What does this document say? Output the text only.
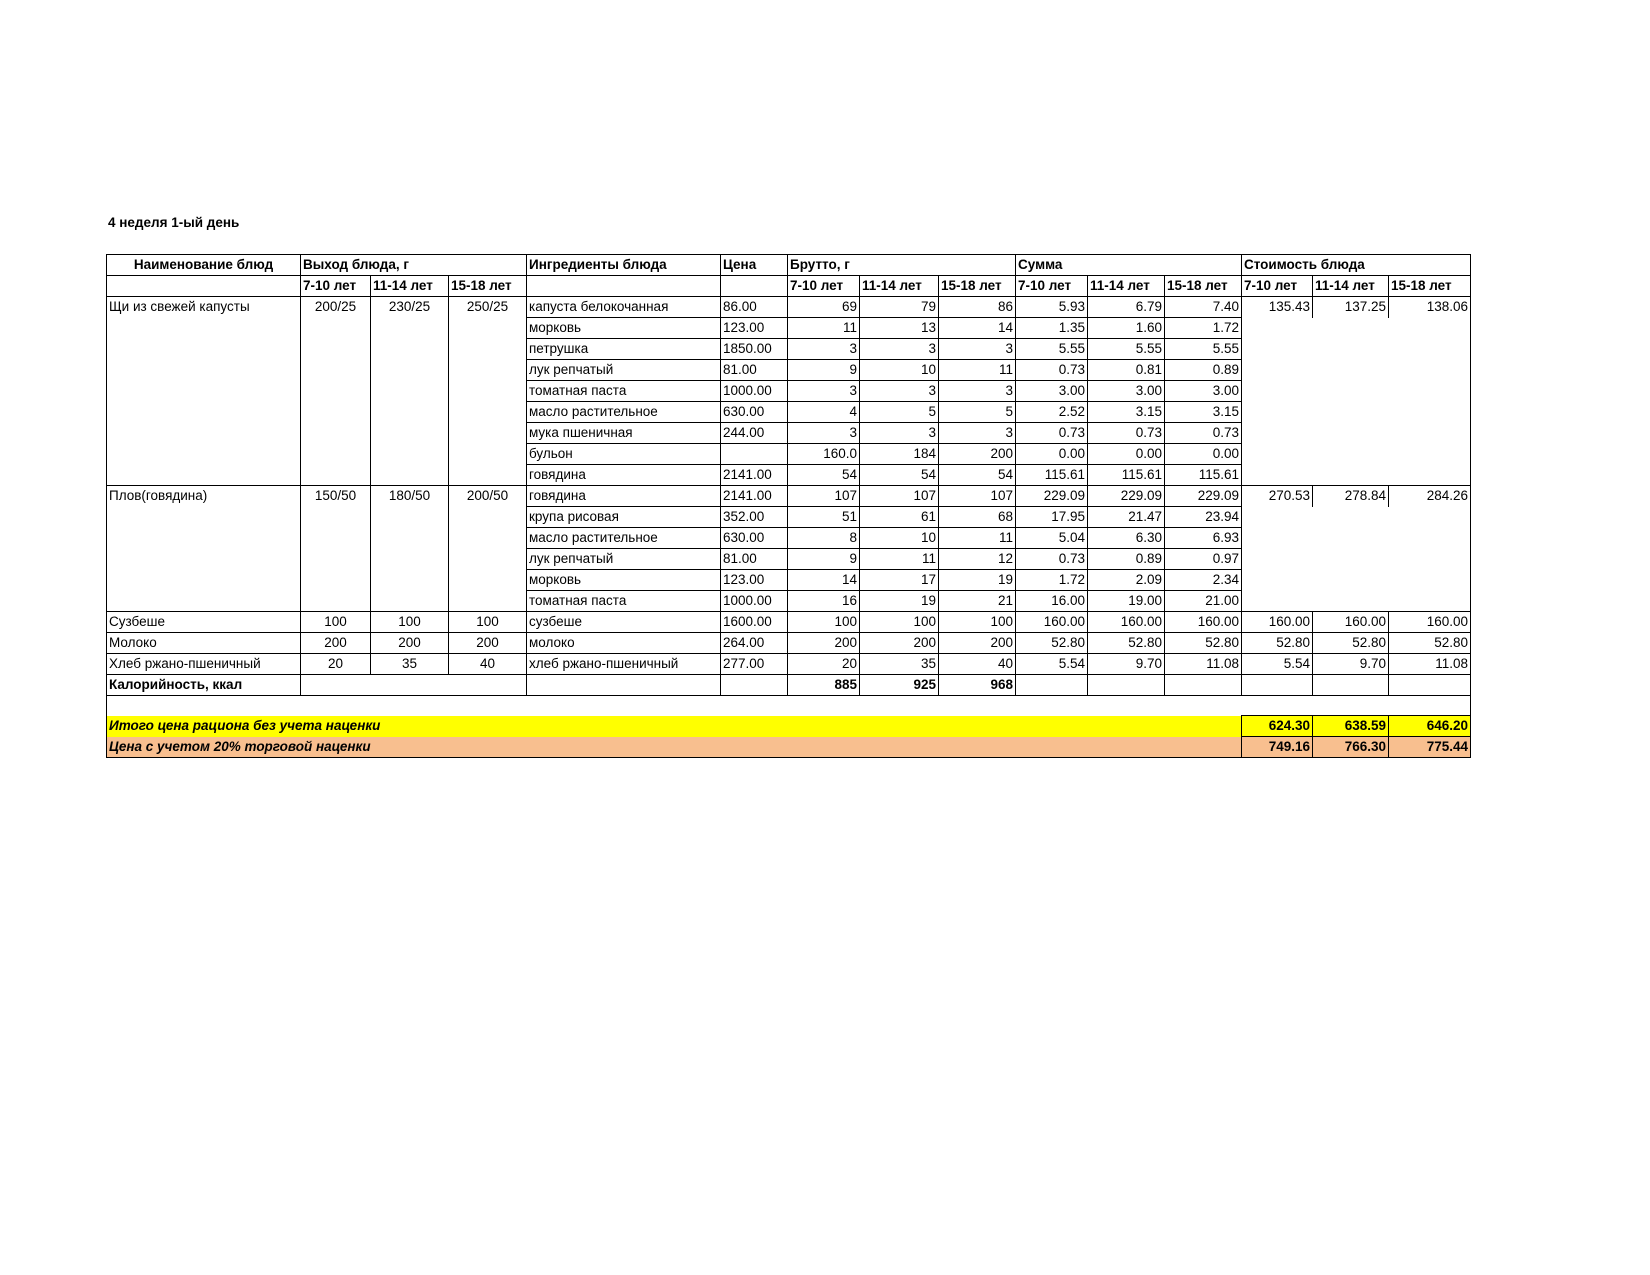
4 неделя 1-ый день
Наименование блюд	Выход блюда, г			Ингредиенты блюда	Цена	Брутто, г			Сумма			Стоимость блюда		
	7-10 лет	11-14 лет	15-18 лет			7-10 лет	11-14 лет	15-18 лет	7-10 лет	11-14 лет	15-18 лет	7-10 лет	11-14 лет	15-18 лет
Щи из свежей капусты	200/25	230/25	250/25	капуста белокочанная	86.00	69	79	86	5.93	6.79	7.40	135.43	137.25	138.06
				морковь	123.00	11	13	14	1.35	1.60	1.72			
				петрушка	1850.00	3	3	3	5.55	5.55	5.55			
				лук репчатый	81.00	9	10	11	0.73	0.81	0.89			
				томатная паста	1000.00	3	3	3	3.00	3.00	3.00			
				масло растительное	630.00	4	5	5	2.52	3.15	3.15			
				мука пшеничная	244.00	3	3	3	0.73	0.73	0.73			
				бульон		160.0	184	200	0.00	0.00	0.00			
				говядина	2141.00	54	54	54	115.61	115.61	115.61			
Плов(говядина)	150/50	180/50	200/50	говядина	2141.00	107	107	107	229.09	229.09	229.09	270.53	278.84	284.26
				крупа рисовая	352.00	51	61	68	17.95	21.47	23.94			
				масло растительное	630.00	8	10	11	5.04	6.30	6.93			
				лук репчатый	81.00	9	11	12	0.73	0.89	0.97			
				морковь	123.00	14	17	19	1.72	2.09	2.34			
				томатная паста	1000.00	16	19	21	16.00	19.00	21.00			
Сузбеше	100	100	100	сузбеше	1600.00	100	100	100	160.00	160.00	160.00	160.00	160.00	160.00
Молоко	200	200	200	молоко	264.00	200	200	200	52.80	52.80	52.80	52.80	52.80	52.80
Хлеб ржано-пшеничный	20	35	40	хлеб ржано-пшеничный	277.00	20	35	40	5.54	9.70	11.08	5.54	9.70	11.08
Калорийность, ккал						885	925	968						

Итого цена рациона без учета наценки												624.30	638.59	646.20
Цена с учетом 20% торговой наценки												749.16	766.30	775.44
